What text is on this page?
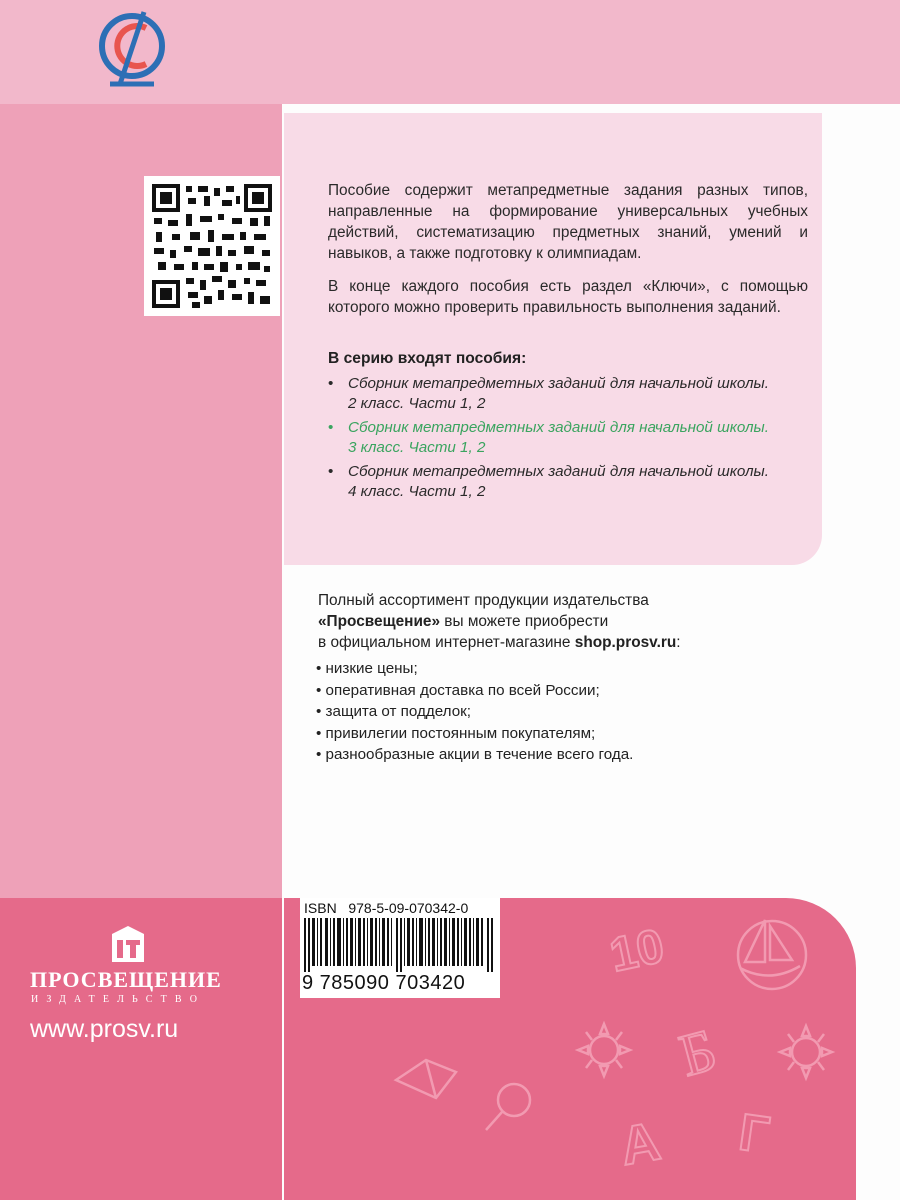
Пособие содержит метапредметные задания разных типов, направленные на формирование универсальных учебных действий, систематизацию предметных знаний, умений и навыков, а также подготовку к олимпиадам.

В конце каждого пособия есть раздел «Ключи», с помощью которого можно проверить правильность выполнения заданий.

В серию входят пособия:

• Сборник метапредметных заданий для начальной школы.
2 класс. Части 1, 2
• Сборник метапредметных заданий для начальной школы.
3 класс. Части 1, 2
• Сборник метапредметных заданий для начальной школы.
4 класс. Части 1, 2

Полный ассортимент продукции издательства
«Просвещение» вы можете приобрести
в официальном интернет-магазине shop.prosv.ru:

• низкие цены;
• оперативная доставка по всей России;
• защита от подделок;
• привилегии постоянным покупателям;
• разнообразные акции в течение всего года.
ПРОСВЕЩЕНИЕ
ИЗДАТЕЛЬСТВО
www.prosv.ru
ISBN 978-5-09-070342-0
9 785090 703420
10
Б
А Г
